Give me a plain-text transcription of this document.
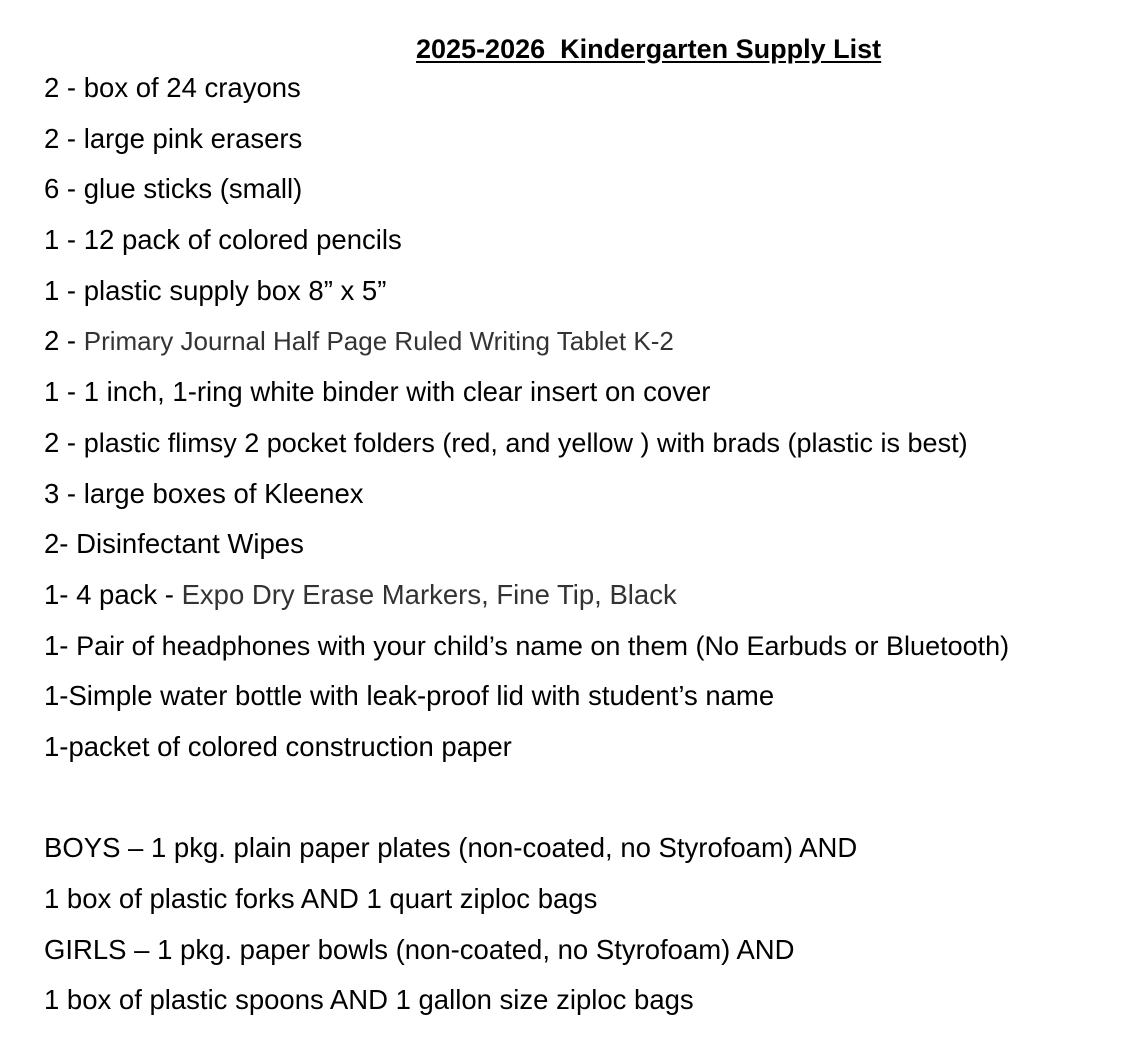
2025-2026  Kindergarten Supply List
2 - box of 24 crayons
2 - large pink erasers
6 - glue sticks (small)
1 - 12 pack of colored pencils
1 - plastic supply box 8” x 5”
2 - Primary Journal Half Page Ruled Writing Tablet K-2
1 - 1 inch, 1-ring white binder with clear insert on cover
2 - plastic flimsy 2 pocket folders (red, and yellow ) with brads (plastic is best)
3 - large boxes of Kleenex
2- Disinfectant Wipes
1- 4 pack - Expo Dry Erase Markers, Fine Tip, Black
1- Pair of headphones with your child’s name on them (No Earbuds or Bluetooth)
1-Simple water bottle with leak-proof lid with student’s name
1-packet of colored construction paper
BOYS – 1 pkg. plain paper plates (non-coated, no Styrofoam) AND
1 box of plastic forks AND 1 quart ziploc bags
GIRLS – 1 pkg. paper bowls (non-coated, no Styrofoam) AND
1 box of plastic spoons AND 1 gallon size ziploc bags
